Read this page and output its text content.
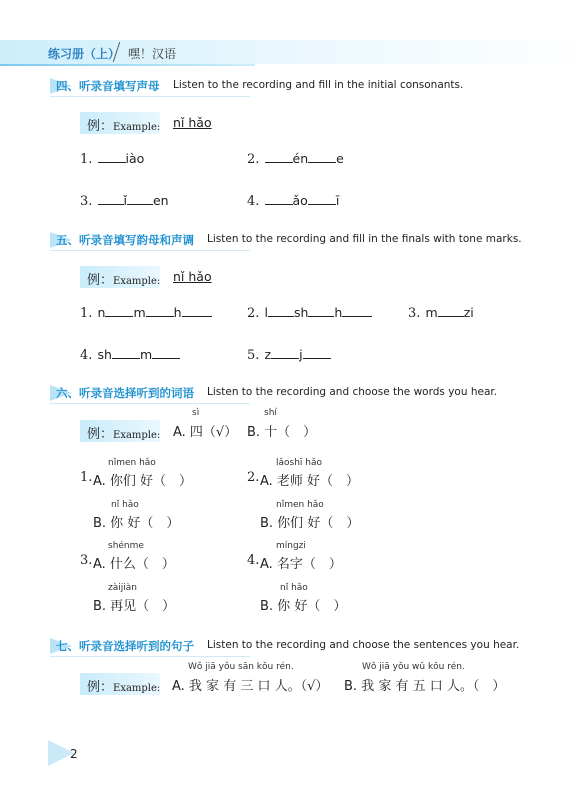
练习册（上） 嘿！汉语
四、听录音填写声母 Listen to the recording and fill in the initial consonants.
例：Example: nǐ hǎo
1.	iào	2.	én e
3. ǐ en	4.	ǎo ī
五、听录音填写韵母和声调 Listen to the recording and fill in the finals with tone marks.
例：Example: nǐ hǎo
1. n m h	2. l sh h	3. m zi
4. sh m	5. z j
六、听录音选择听到的词语 Listen to the recording and choose the words you hear.
例：Example:
sì
A. 四（√）
shí
B. 十（　）
nǐmen hǎo
1. A. 你们 好（　）
nǐ hǎo
B. 你 好（　）
lǎoshī hǎo
2. A. 老师 好（　）
nǐmen hǎo
B. 你们 好（　）
shénme
3. A. 什么（　）
zàijiàn
B. 再见（　）
míngzi
4. A. 名字（　）
nǐ hǎo
B. 你 好（　）
七、听录音选择听到的句子 Listen to the recording and choose the sentences you hear.
例：Example:
Wǒ jiā yǒu sān kǒu rén.
A. 我 家 有 三 口 人。（√）
Wǒ jiā yǒu wǔ kǒu rén.
B. 我 家 有 五 口 人。（　）
2
